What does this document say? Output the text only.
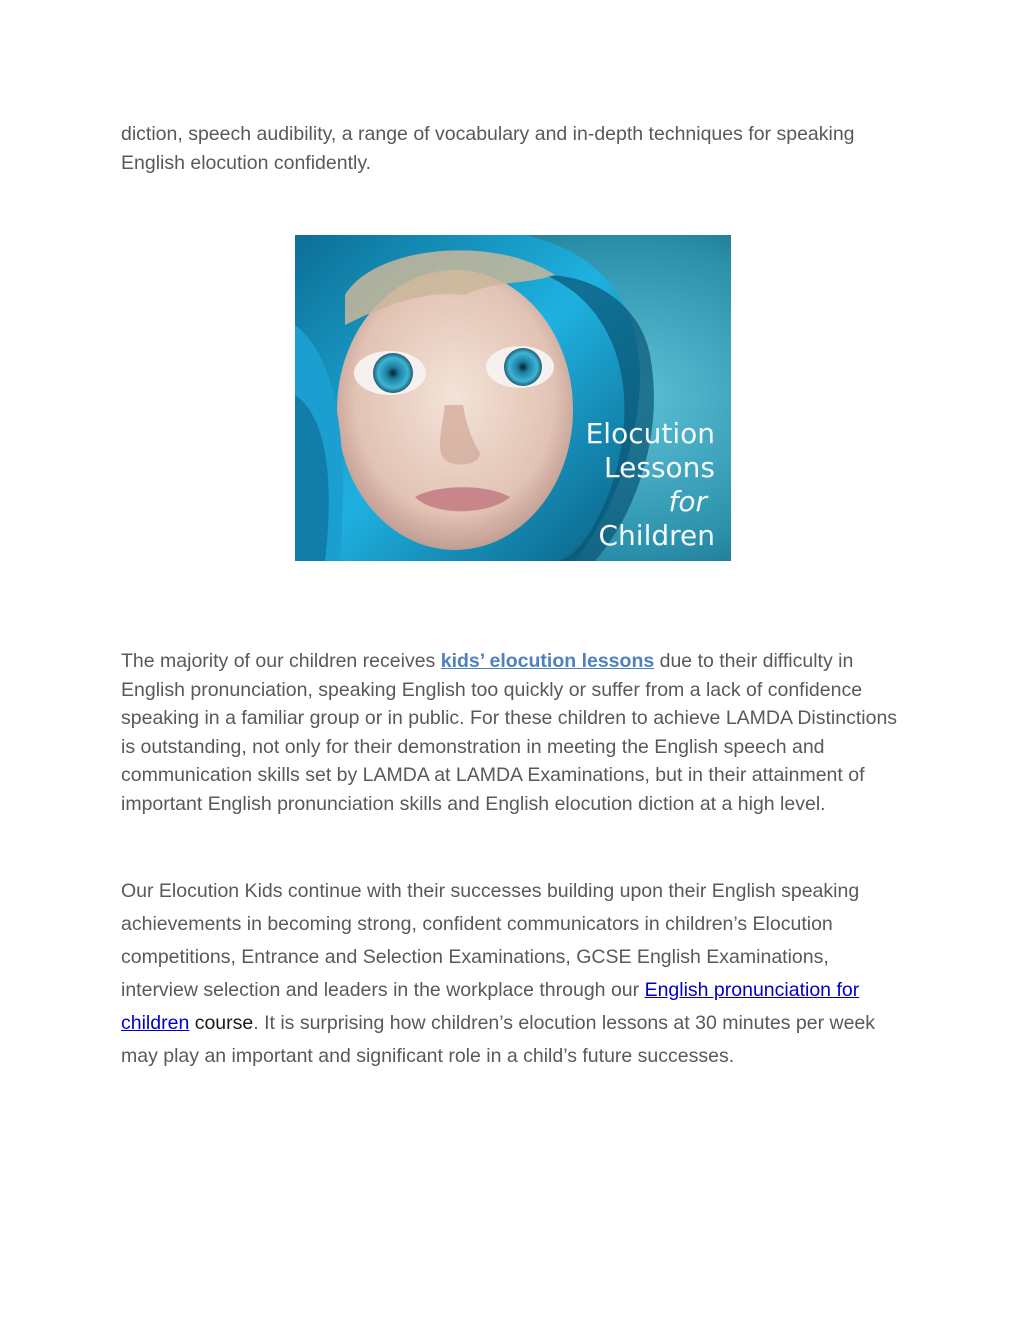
diction, speech audibility, a range of vocabulary and in-depth techniques for speaking English elocution confidently.

Elocution
Lessons
for
Children

The majority of our children receives kids’ elocution lessons due to their difficulty in English pronunciation, speaking English too quickly or suffer from a lack of confidence speaking in a familiar group or in public. For these children to achieve LAMDA Distinctions is outstanding, not only for their demonstration in meeting the English speech and communication skills set by LAMDA at LAMDA Examinations, but in their attainment of important English pronunciation skills and English elocution diction at a high level.

Our Elocution Kids continue with their successes building upon their English speaking achievements in becoming strong, confident communicators in children’s Elocution competitions, Entrance and Selection Examinations, GCSE English Examinations, interview selection and leaders in the workplace through our English pronunciation for children course. It is surprising how children’s elocution lessons at 30 minutes per week may play an important and significant role in a child’s future successes.
